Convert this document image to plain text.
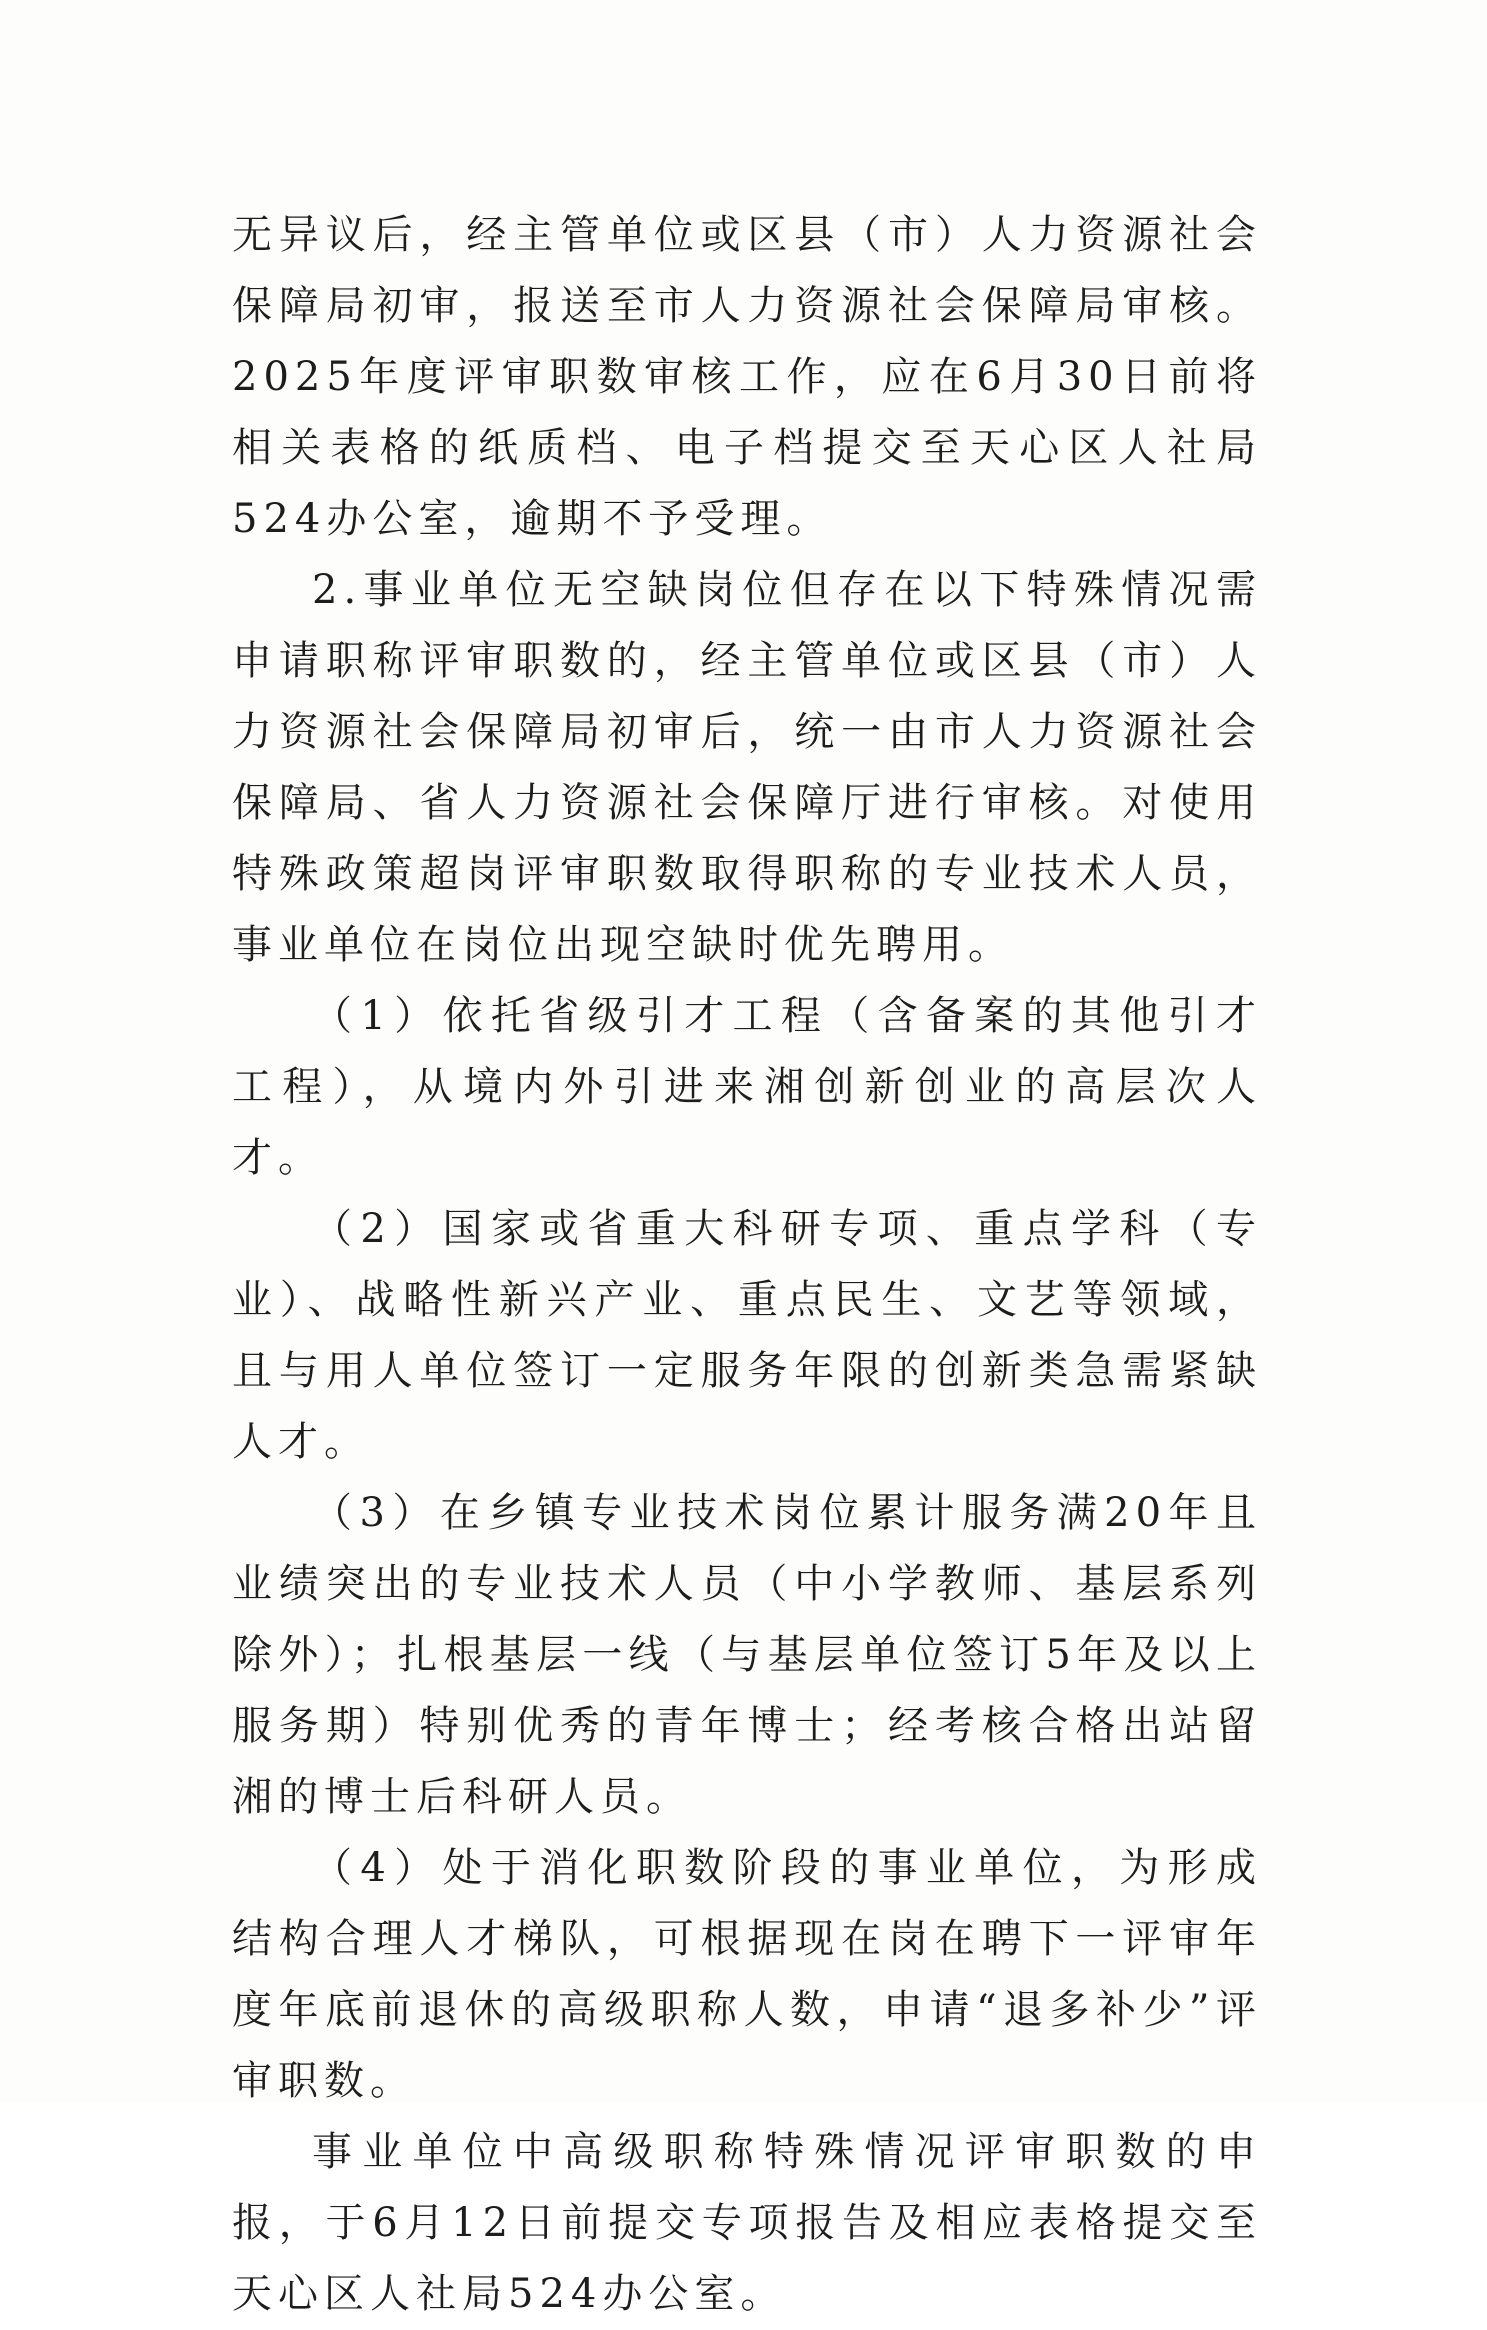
无异议后，经主管单位或区县（市）人力资源社会保障局初审，报送至市人力资源社会保障局审核。2025年度评审职数审核工作，应在6月30日前将相关表格的纸质档、电子档提交至天心区人社局524办公室，逾期不予受理。

2.事业单位无空缺岗位但存在以下特殊情况需申请职称评审职数的，经主管单位或区县（市）人力资源社会保障局初审后，统一由市人力资源社会保障局、省人力资源社会保障厅进行审核。对使用特殊政策超岗评审职数取得职称的专业技术人员，事业单位在岗位出现空缺时优先聘用。

（1）依托省级引才工程（含备案的其他引才工程），从境内外引进来湘创新创业的高层次人才。

（2）国家或省重大科研专项、重点学科（专业）、战略性新兴产业、重点民生、文艺等领域，且与用人单位签订一定服务年限的创新类急需紧缺人才。

（3）在乡镇专业技术岗位累计服务满20年且业绩突出的专业技术人员（中小学教师、基层系列除外）；扎根基层一线（与基层单位签订5年及以上服务期）特别优秀的青年博士；经考核合格出站留湘的博士后科研人员。

（4）处于消化职数阶段的事业单位，为形成结构合理人才梯队，可根据现在岗在聘下一评审年度年底前退休的高级职称人数，申请“退多补少”评审职数。

事业单位中高级职称特殊情况评审职数的申报，于6月12日前提交专项报告及相应表格提交至天心区人社局524办公室。
